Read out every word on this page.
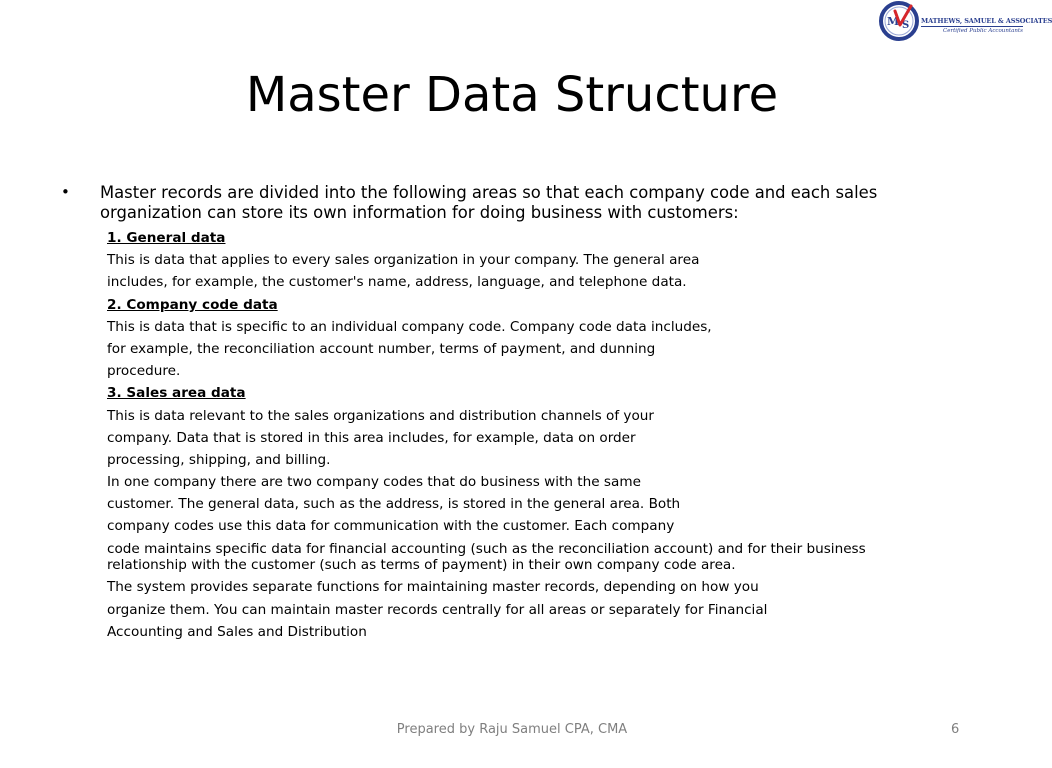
M S MATHEWS, SAMUEL & ASSOCIATES
Certified Public Accountants
Master Data Structure
• Master records are divided into the following areas so that each company code and each sales organization can store its own information for doing business with customers:
1. General data
This is data that applies to every sales organization in your company. The general area
includes, for example, the customer's name, address, language, and telephone data.
2. Company code data
This is data that is specific to an individual company code. Company code data includes,
for example, the reconciliation account number, terms of payment, and dunning
procedure.
3. Sales area data
This is data relevant to the sales organizations and distribution channels of your
company. Data that is stored in this area includes, for example, data on order
processing, shipping, and billing.
In one company there are two company codes that do business with the same
customer. The general data, such as the address, is stored in the general area. Both
company codes use this data for communication with the customer. Each company
code maintains specific data for financial accounting (such as the reconciliation account) and for their business
relationship with the customer (such as terms of payment) in their own company code area.
The system provides separate functions for maintaining master records, depending on how you
organize them. You can maintain master records centrally for all areas or separately for Financial
Accounting and Sales and Distribution
Prepared by Raju Samuel CPA, CMA	6
